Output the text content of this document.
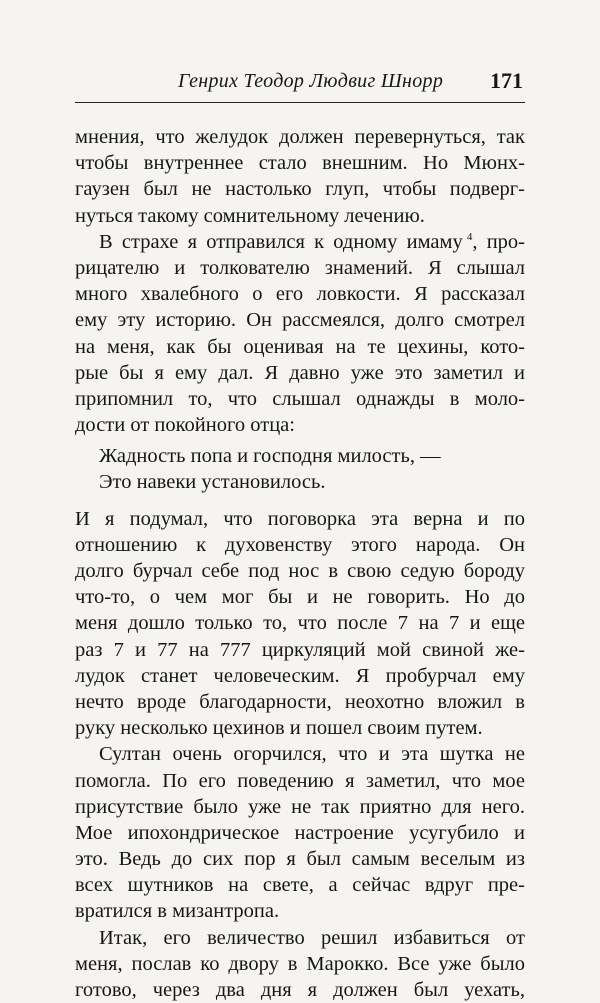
Генрих Теодор Людвиг Шнорр 171
мнения, что желудок должен перевернуться, так
чтобы внутреннее стало внешним. Но Мюнх-
гаузен был не настолько глуп, чтобы подверг-
нуться такому сомнительному лечению.
В страхе я отправился к одному имаму  $^4$, про-
рицателю и толкователю знамений. Я слышал
много хвалебного о его ловкости. Я рассказал
ему эту историю. Он рассмеялся, долго смотрел
на меня, как бы оценивая на те цехины, кото-
рые бы я ему дал. Я давно уже это заметил и
припомнил то, что слышал однажды в моло-
дости от покойного отца:
Жадность попа и господня милость, —
Это навеки установилось.
И я подумал, что поговорка эта верна и по
отношению к духовенству этого народа. Он
долго бурчал себе под нос в свою седую бороду
что-то, о чем мог бы и не говорить. Но до
меня дошло только то, что после 7 на 7 и еще
раз 7 и 77 на 777 циркуляций мой свиной же-
лудок станет человеческим. Я пробурчал ему
нечто вроде благодарности, неохотно вложил в
руку несколько цехинов и пошел своим путем.
Султан очень огорчился, что и эта шутка не
помогла. По его поведению я заметил, что мое
присутствие было уже не так приятно для него.
Мое ипохондрическое настроение усугубило и
это. Ведь до сих пор я был самым веселым из
всех шутников на свете, а сейчас вдруг пре-
вратился в мизантропа.
Итак, его величество решил избавиться от
меня, послав ко двору в Марокко. Все уже было
готово, через два дня я должен был уехать,
